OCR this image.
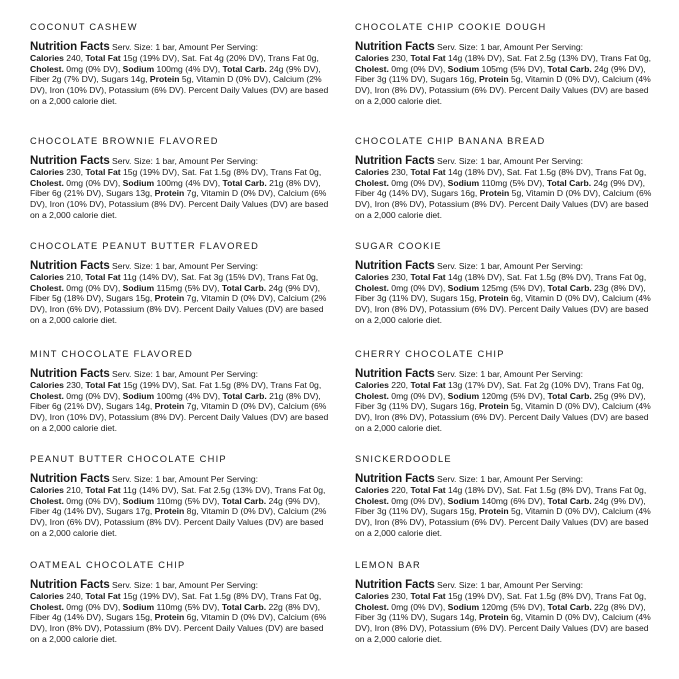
COCONUT CASHEW

Nutrition Facts Serv. Size: 1 bar, Amount Per Serving:
Calories 240, Total Fat 15g (19% DV), Sat. Fat 4g (20% DV), Trans Fat 0g, Cholest. 0mg (0% DV), Sodium 100mg (4% DV), Total Carb. 24g (9% DV), Fiber 2g (7% DV), Sugars 14g, Protein 5g, Vitamin D (0% DV), Calcium (2% DV), Iron (10% DV), Potassium (6% DV). Percent Daily Values (DV) are based on a 2,000 calorie diet.

CHOCOLATE BROWNIE FLAVORED

Nutrition Facts Serv. Size: 1 bar, Amount Per Serving:
Calories 230, Total Fat 15g (19% DV), Sat. Fat 1.5g (8% DV), Trans Fat 0g, Cholest. 0mg (0% DV), Sodium 100mg (4% DV), Total Carb. 21g (8% DV), Fiber 6g (21% DV), Sugars 13g, Protein 7g, Vitamin D (0% DV), Calcium (6% DV), Iron (10% DV), Potassium (8% DV). Percent Daily Values (DV) are based on a 2,000 calorie diet.

CHOCOLATE PEANUT BUTTER FLAVORED

Nutrition Facts Serv. Size: 1 bar, Amount Per Serving:
Calories 210, Total Fat 11g (14% DV), Sat. Fat 3g (15% DV), Trans Fat 0g, Cholest. 0mg (0% DV), Sodium 115mg (5% DV), Total Carb. 24g (9% DV), Fiber 5g (18% DV), Sugars 15g, Protein 7g, Vitamin D (0% DV), Calcium (2% DV), Iron (6% DV), Potassium (8% DV). Percent Daily Values (DV) are based on a 2,000 calorie diet.

MINT CHOCOLATE FLAVORED

Nutrition Facts Serv. Size: 1 bar, Amount Per Serving:
Calories 230, Total Fat 15g (19% DV), Sat. Fat 1.5g (8% DV), Trans Fat 0g, Cholest. 0mg (0% DV), Sodium 100mg (4% DV), Total Carb. 21g (8% DV), Fiber 6g (21% DV), Sugars 14g, Protein 7g, Vitamin D (0% DV), Calcium (6% DV), Iron (10% DV), Potassium (8% DV). Percent Daily Values (DV) are based on a 2,000 calorie diet.

PEANUT BUTTER CHOCOLATE CHIP

Nutrition Facts Serv. Size: 1 bar, Amount Per Serving:
Calories 210, Total Fat 11g (14% DV), Sat. Fat 2.5g (13% DV), Trans Fat 0g, Cholest. 0mg (0% DV), Sodium 110mg (5% DV), Total Carb. 24g (9% DV), Fiber 4g (14% DV), Sugars 17g, Protein 8g, Vitamin D (0% DV), Calcium (2% DV), Iron (6% DV), Potassium (8% DV). Percent Daily Values (DV) are based on a 2,000 calorie diet.

OATMEAL CHOCOLATE CHIP

Nutrition Facts Serv. Size: 1 bar, Amount Per Serving:
Calories 240, Total Fat 15g (19% DV), Sat. Fat 1.5g (8% DV), Trans Fat 0g, Cholest. 0mg (0% DV), Sodium 110mg (5% DV), Total Carb. 22g (8% DV), Fiber 4g (14% DV), Sugars 15g, Protein 6g, Vitamin D (0% DV), Calcium (6% DV), Iron (8% DV), Potassium (8% DV). Percent Daily Values (DV) are based on a 2,000 calorie diet.

CHOCOLATE CHIP COOKIE DOUGH

Nutrition Facts Serv. Size: 1 bar, Amount Per Serving:
Calories 230, Total Fat 14g (18% DV), Sat. Fat 2.5g (13% DV), Trans Fat 0g, Cholest. 0mg (0% DV), Sodium 105mg (5% DV), Total Carb. 24g (9% DV), Fiber 3g (11% DV), Sugars 16g, Protein 5g, Vitamin D (0% DV), Calcium (4% DV), Iron (8% DV), Potassium (6% DV). Percent Daily Values (DV) are based on a 2,000 calorie diet.

CHOCOLATE CHIP BANANA BREAD

Nutrition Facts Serv. Size: 1 bar, Amount Per Serving:
Calories 230, Total Fat 14g (18% DV), Sat. Fat 1.5g (8% DV), Trans Fat 0g, Cholest. 0mg (0% DV), Sodium 110mg (5% DV), Total Carb. 24g (9% DV), Fiber 4g (14% DV), Sugars 16g, Protein 5g, Vitamin D (0% DV), Calcium (6% DV), Iron (8% DV), Potassium (8% DV). Percent Daily Values (DV) are based on a 2,000 calorie diet.

SUGAR COOKIE

Nutrition Facts Serv. Size: 1 bar, Amount Per Serving:
Calories 230, Total Fat 14g (18% DV), Sat. Fat 1.5g (8% DV), Trans Fat 0g, Cholest. 0mg (0% DV), Sodium 125mg (5% DV), Total Carb. 23g (8% DV), Fiber 3g (11% DV), Sugars 15g, Protein 6g, Vitamin D (0% DV), Calcium (4% DV), Iron (8% DV), Potassium (6% DV). Percent Daily Values (DV) are based on a 2,000 calorie diet.

CHERRY CHOCOLATE CHIP

Nutrition Facts Serv. Size: 1 bar, Amount Per Serving:
Calories 220, Total Fat 13g (17% DV), Sat. Fat 2g (10% DV), Trans Fat 0g, Cholest. 0mg (0% DV), Sodium 120mg (5% DV), Total Carb. 25g (9% DV), Fiber 3g (11% DV), Sugars 16g, Protein 5g, Vitamin D (0% DV), Calcium (4% DV), Iron (8% DV), Potassium (6% DV). Percent Daily Values (DV) are based on a 2,000 calorie diet.

SNICKERDOODLE

Nutrition Facts Serv. Size: 1 bar, Amount Per Serving:
Calories 220, Total Fat 14g (18% DV), Sat. Fat 1.5g (8% DV), Trans Fat 0g, Cholest. 0mg (0% DV), Sodium 140mg (6% DV), Total Carb. 24g (9% DV), Fiber 3g (11% DV), Sugars 15g, Protein 5g, Vitamin D (0% DV), Calcium (4% DV), Iron (8% DV), Potassium (6% DV). Percent Daily Values (DV) are based on a 2,000 calorie diet.

LEMON BAR

Nutrition Facts Serv. Size: 1 bar, Amount Per Serving:
Calories 230, Total Fat 15g (19% DV), Sat. Fat 1.5g (8% DV), Trans Fat 0g, Cholest. 0mg (0% DV), Sodium 120mg (5% DV), Total Carb. 22g (8% DV), Fiber 3g (11% DV), Sugars 14g, Protein 6g, Vitamin D (0% DV), Calcium (4% DV), Iron (8% DV), Potassium (6% DV). Percent Daily Values (DV) are based on a 2,000 calorie diet.
